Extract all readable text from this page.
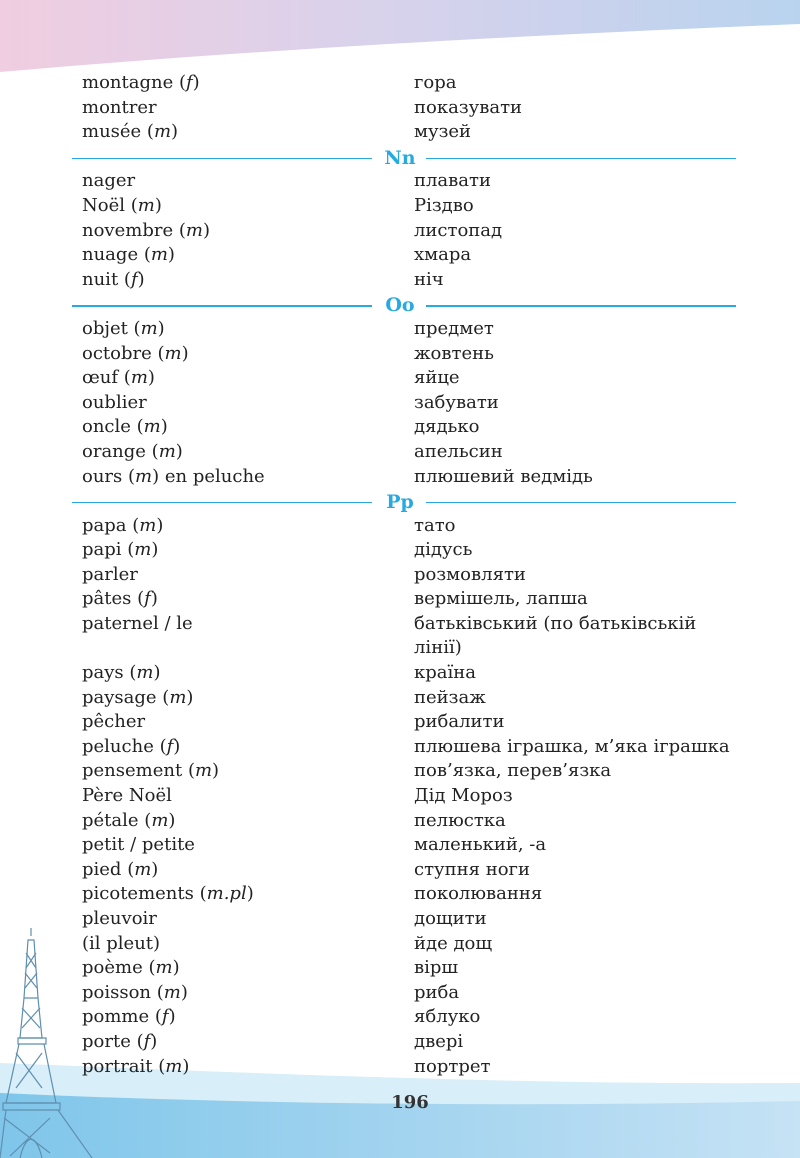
montagne (f)	гора
montrer	показувати
musée (m)	музей
Nn
nager	плавати
Noël (m)	Різдво
novembre (m)	листопад
nuage (m)	хмара
nuit (f)	ніч
Oo
objet (m)	предмет
octobre (m)	жовтень
œuf (m)	яйце
oublier	забувати
oncle (m)	дядько
orange (m)	апельсин
ours (m) en peluche	плюшевий ведмідь
Pp
papa (m)	тато
papi (m)	дідусь
parler	розмовляти
pâtes (f)	вермішель, лапша
paternel / le	батьківський (по батьківській лінії)
pays (m)	країна
paysage (m)	пейзаж
pêcher	рибалити
peluche (f)	плюшева іграшка, м’яка іграшка
pensement (m)	пов’язка, перев’язка
Père Noël	Дід Мороз
pétale (m)	пелюстка
petit / petite	маленький, -а
pied (m)	ступня ноги
picotements (m.pl)	поколювання
pleuvoir	дощити
(il pleut)	йде дощ
poème (m)	вірш
poisson (m)	риба
pomme (f)	яблуко
porte (f)	двері
portrait (m)	портрет
196
